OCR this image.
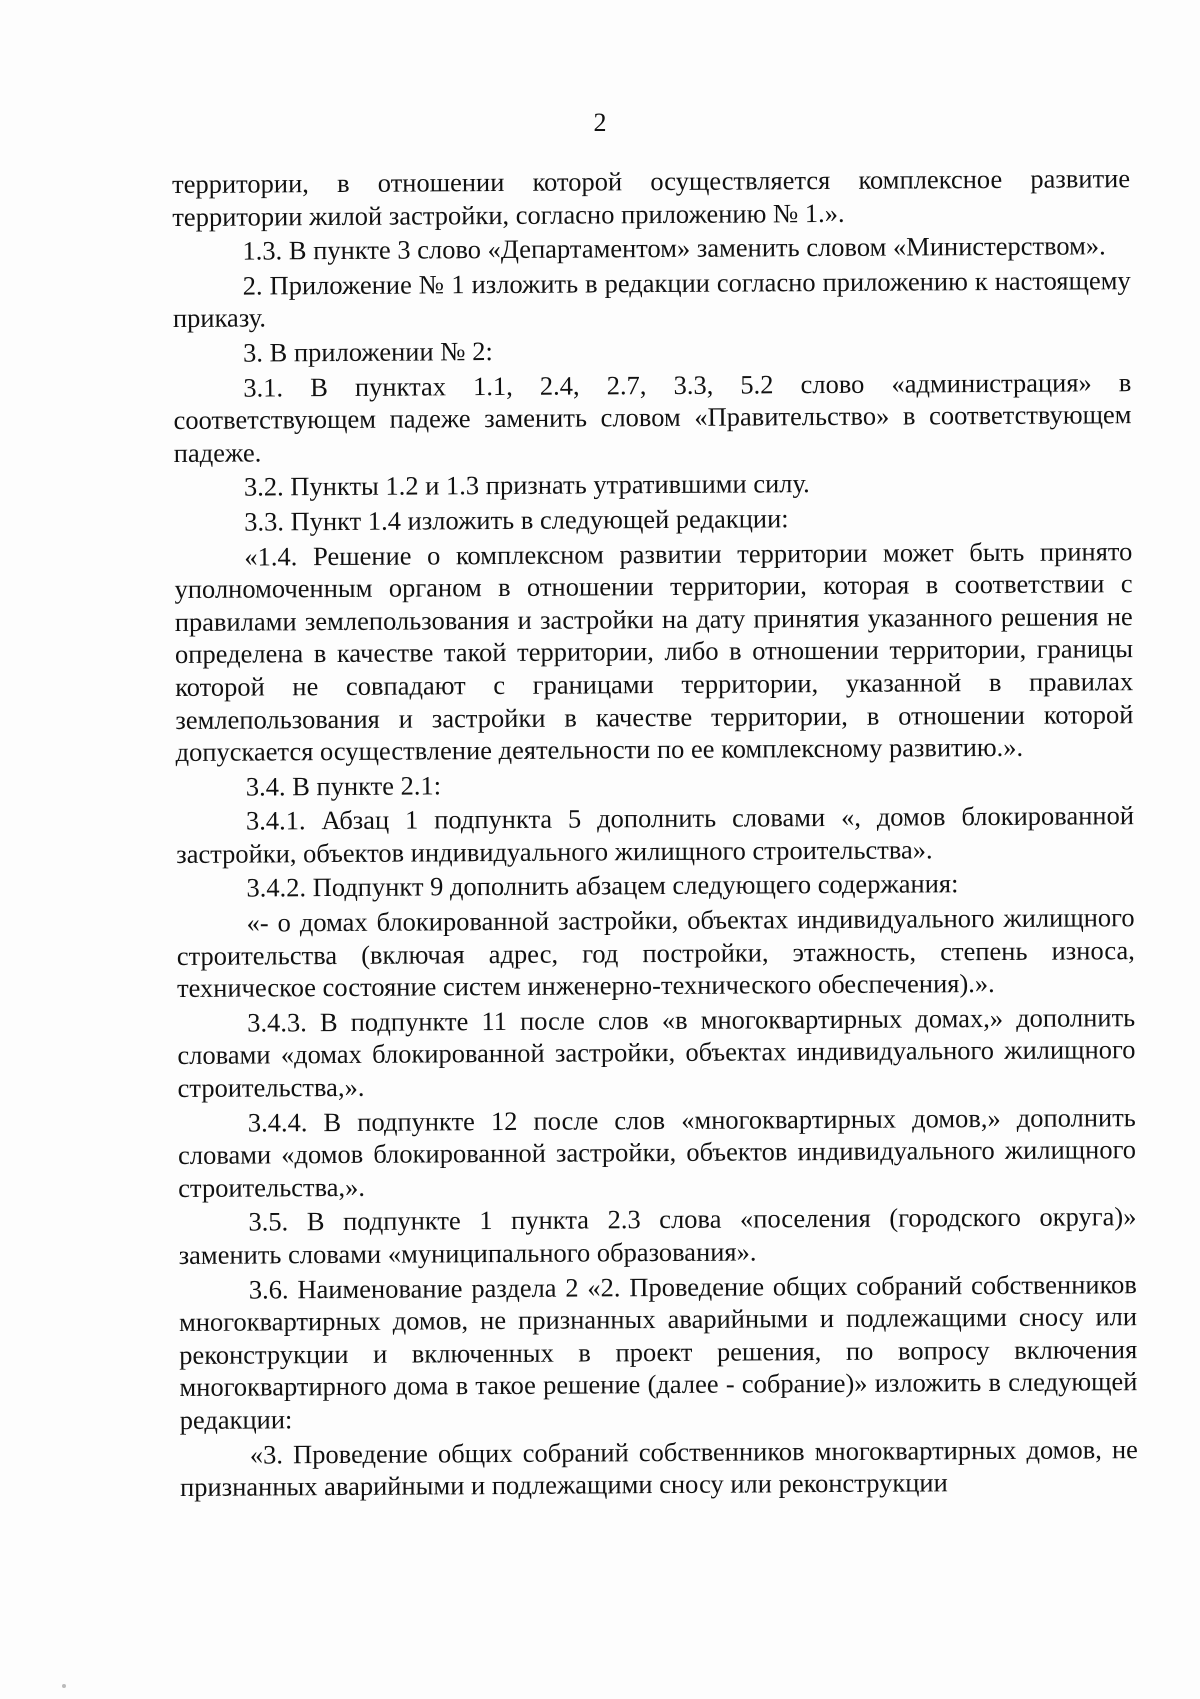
2

территории, в отношении которой осуществляется комплексное развитие территории жилой застройки, согласно приложению № 1.».

1.3. В пункте 3 слово «Департаментом» заменить словом «Министерством».

2. Приложение № 1 изложить в редакции согласно приложению к настоящему приказу.

3. В приложении № 2:

3.1. В пунктах 1.1, 2.4, 2.7, 3.3, 5.2 слово «администрация» в соответствующем падеже заменить словом «Правительство» в соответствующем падеже.

3.2. Пункты 1.2 и 1.3 признать утратившими силу.

3.3. Пункт 1.4 изложить в следующей редакции:

«1.4. Решение о комплексном развитии территории может быть принято уполномоченным органом в отношении территории, которая в соответствии с правилами землепользования и застройки на дату принятия указанного решения не определена в качестве такой территории, либо в отношении территории, границы которой не совпадают с границами территории, указанной в правилах землепользования и застройки в качестве территории, в отношении которой допускается осуществление деятельности по ее комплексному развитию.».

3.4. В пункте 2.1:

3.4.1. Абзац 1 подпункта 5 дополнить словами «, домов блокированной застройки, объектов индивидуального жилищного строительства».

3.4.2. Подпункт 9 дополнить абзацем следующего содержания:

«- о домах блокированной застройки, объектах индивидуального жилищного строительства (включая адрес, год постройки, этажность, степень износа, техническое состояние систем инженерно-технического обеспечения).».

3.4.3. В подпункте 11 после слов «в многоквартирных домах,» дополнить словами «домах блокированной застройки, объектах индивидуального жилищного строительства,».

3.4.4. В подпункте 12 после слов «многоквартирных домов,» дополнить словами «домов блокированной застройки, объектов индивидуального жилищного строительства,».

3.5. В подпункте 1 пункта 2.3 слова «поселения (городского округа)» заменить словами «муниципального образования».

3.6. Наименование раздела 2 «2. Проведение общих собраний собственников многоквартирных домов, не признанных аварийными и подлежащими сносу или реконструкции и включенных в проект решения, по вопросу включения многоквартирного дома в такое решение (далее - собрание)» изложить в следующей редакции:

«3. Проведение общих собраний собственников многоквартирных домов, не признанных аварийными и подлежащими сносу или реконструкции
